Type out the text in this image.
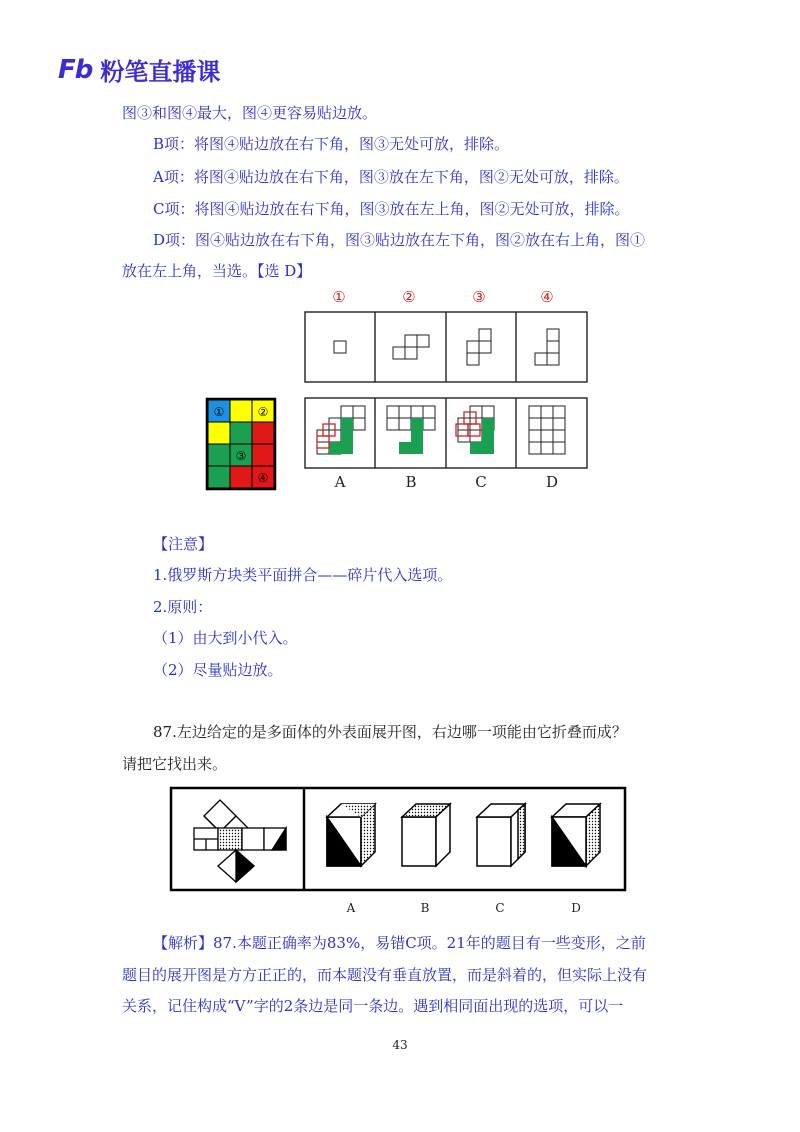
Fb 粉笔直播课
图③和图④最大，图④更容易贴边放。
B项：将图④贴边放在右下角，图③无处可放，排除。
A项：将图④贴边放在右下角，图③放在左下角，图②无处可放，排除。
C项：将图④贴边放在右下角，图③放在左上角，图②无处可放，排除。
D项：图④贴边放在右下角，图③贴边放在左下角，图②放在右上角，图①
放在左上角，当选。【选 D】
①	②	③	④
①	②
③
④	A	B	C	D
【注意】
1.俄罗斯方块类平面拼合——碎片代入选项。
2.原则：
（1）由大到小代入。
（2）尽量贴边放。
87.左边给定的是多面体的外表面展开图，右边哪一项能由它折叠而成？
请把它找出来。
A	B	C	D
【解析】87.本题正确率为83%，易错C项。21年的题目有一些变形，之前
题目的展开图是方方正正的，而本题没有垂直放置，而是斜着的，但实际上没有
关系，记住构成“V”字的2条边是同一条边。遇到相同面出现的选项，可以一
43
